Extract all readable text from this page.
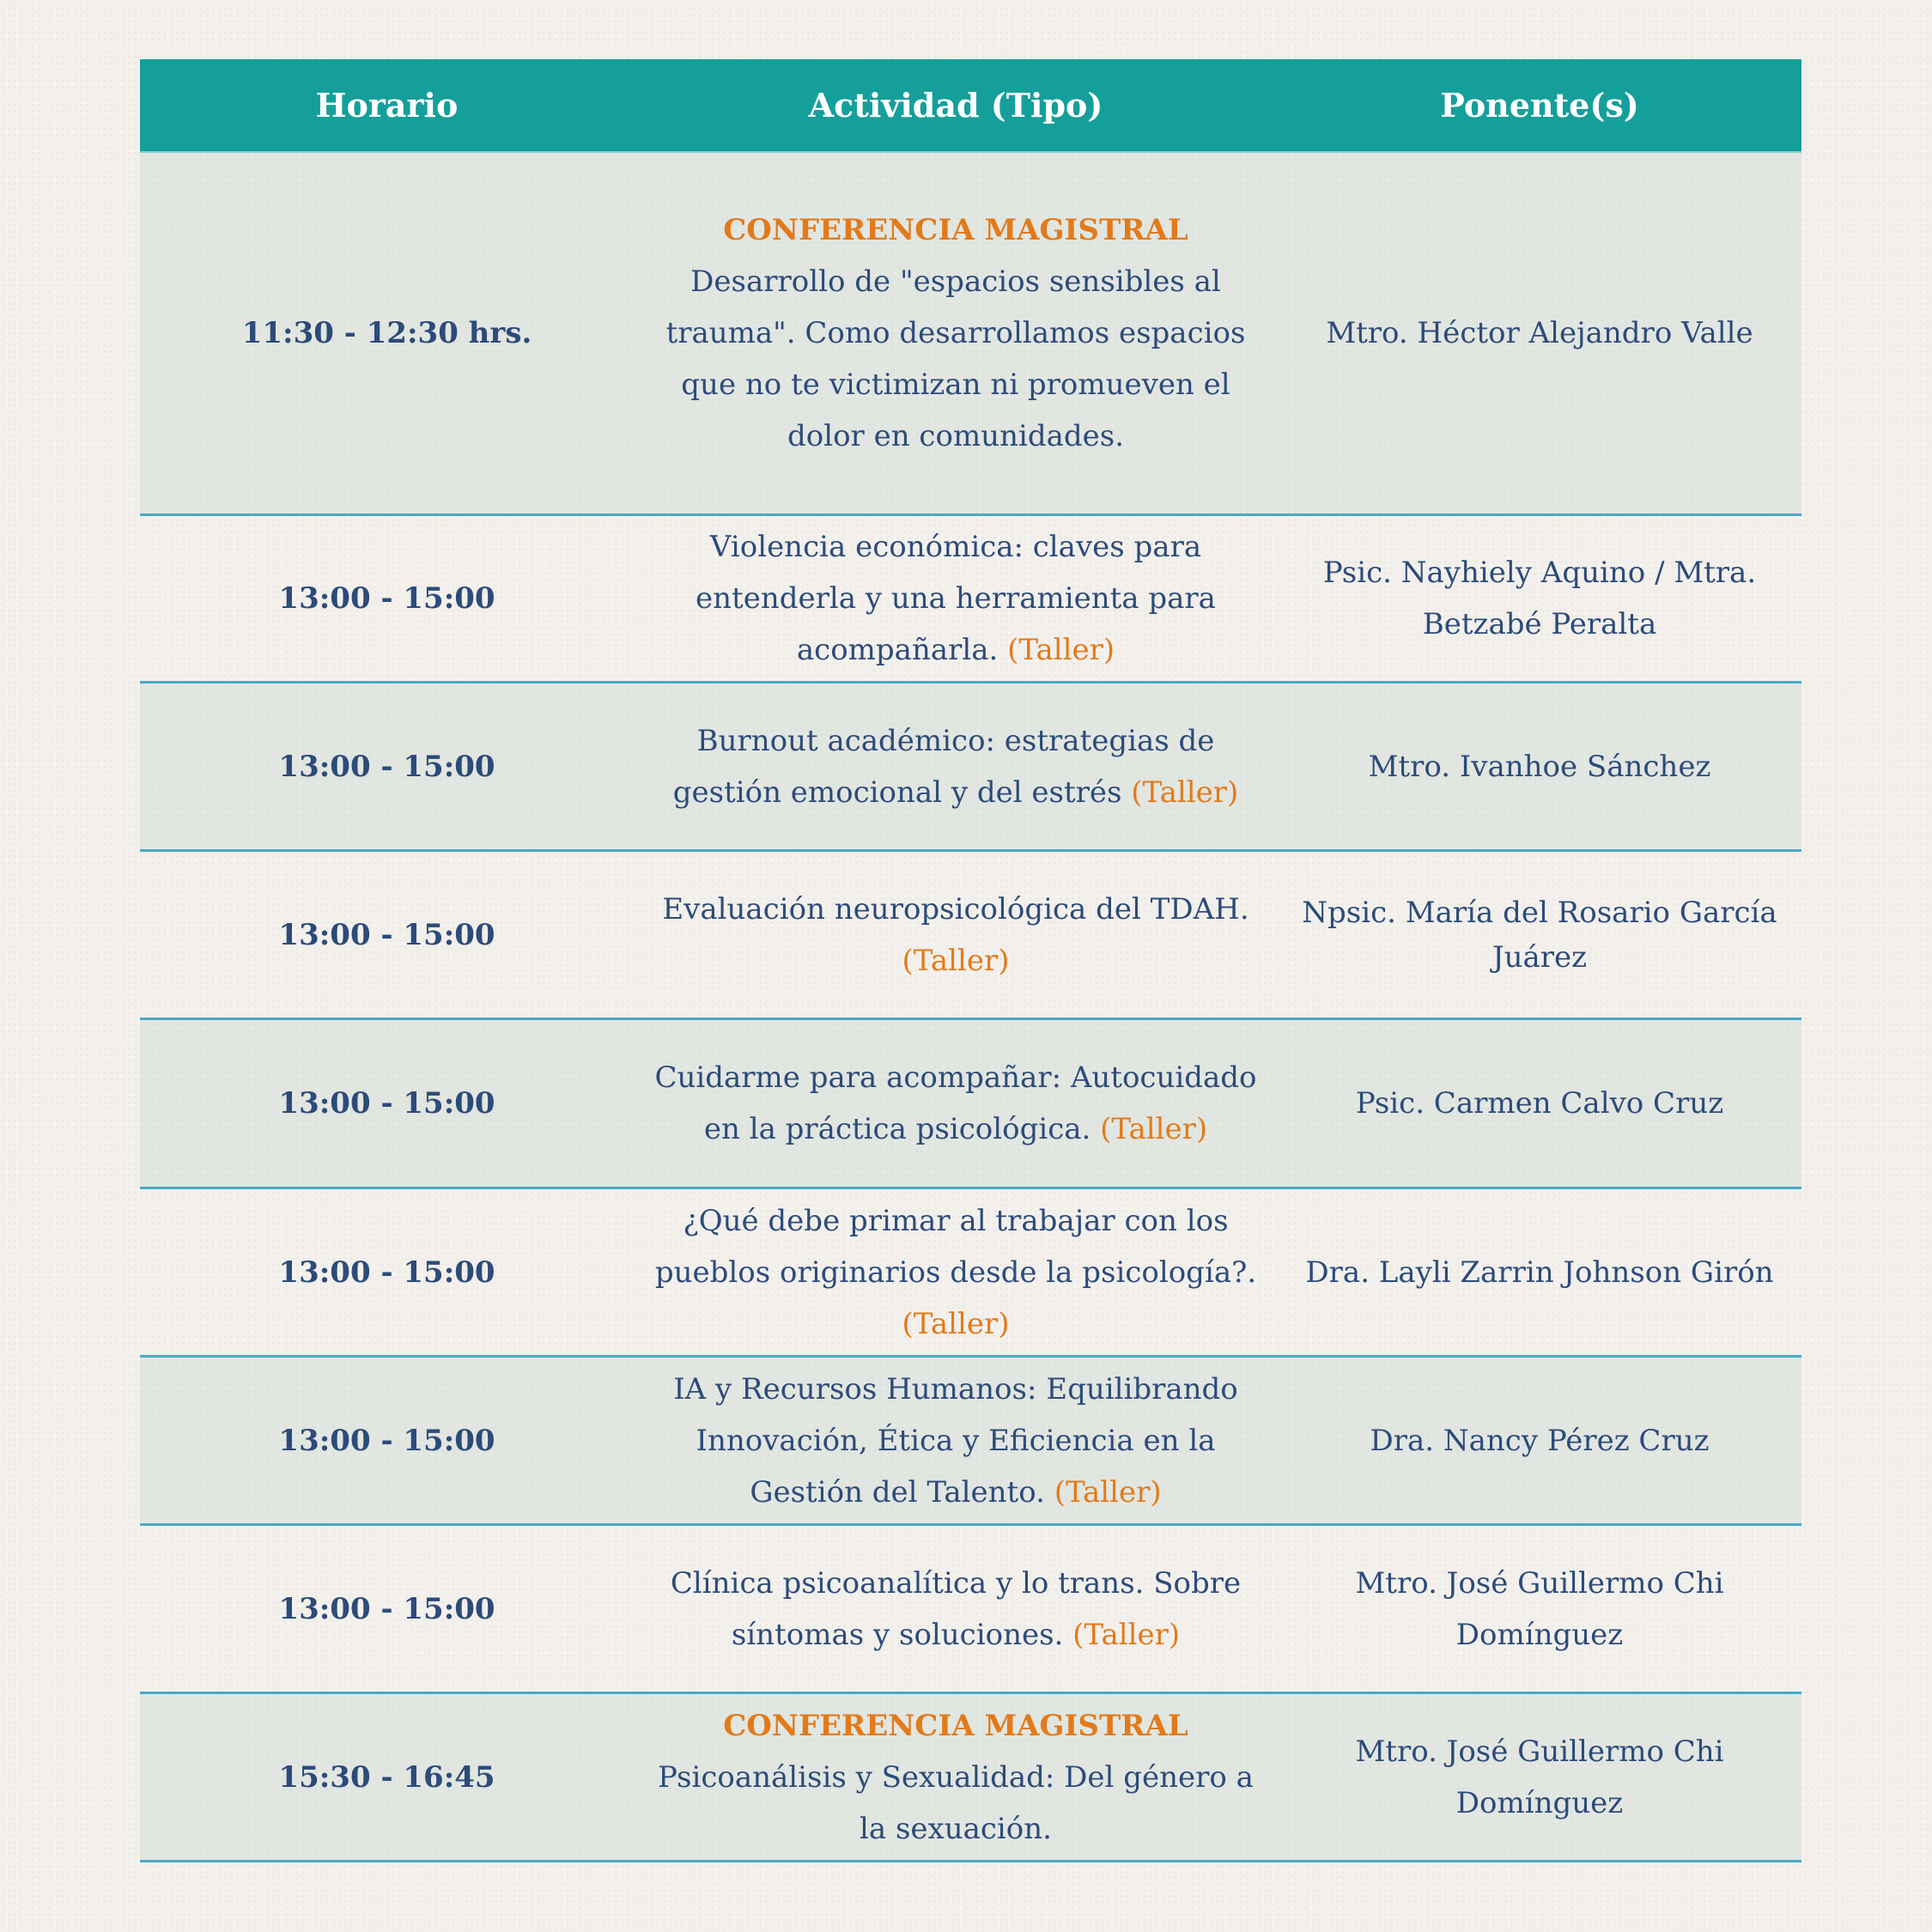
Horario	Actividad (Tipo)	Ponente(s)
11:30 - 12:30 hrs.
CONFERENCIA MAGISTRAL
Desarrollo de "espacios sensibles al trauma". Como desarrollamos espacios que no te victimizan ni promueven el dolor en comunidades.
Mtro. Héctor Alejandro Valle
13:00 - 15:00
Violencia económica: claves para entenderla y una herramienta para acompañarla. (Taller)
Psic. Nayhiely Aquino / Mtra. Betzabé Peralta
13:00 - 15:00
Burnout académico: estrategias de gestión emocional y del estrés (Taller)
Mtro. Ivanhoe Sánchez
13:00 - 15:00
Evaluación neuropsicológica del TDAH.
(Taller)
Npsic. María del Rosario García Juárez
13:00 - 15:00
Cuidarme para acompañar: Autocuidado en la práctica psicológica. (Taller)
Psic. Carmen Calvo Cruz
13:00 - 15:00
¿Qué debe primar al trabajar con los pueblos originarios desde la psicología?. (Taller)
Dra. Layli Zarrin Johnson Girón
13:00 - 15:00
IA y Recursos Humanos: Equilibrando Innovación, Ética y Eficiencia en la Gestión del Talento. (Taller)
Dra. Nancy Pérez Cruz
13:00 - 15:00
Clínica psicoanalítica y lo trans. Sobre síntomas y soluciones. (Taller)
Mtro. José Guillermo Chi Domínguez
15:30 - 16:45
CONFERENCIA MAGISTRAL
Psicoanálisis y Sexualidad: Del género a la sexuación.
Mtro. José Guillermo Chi Domínguez
